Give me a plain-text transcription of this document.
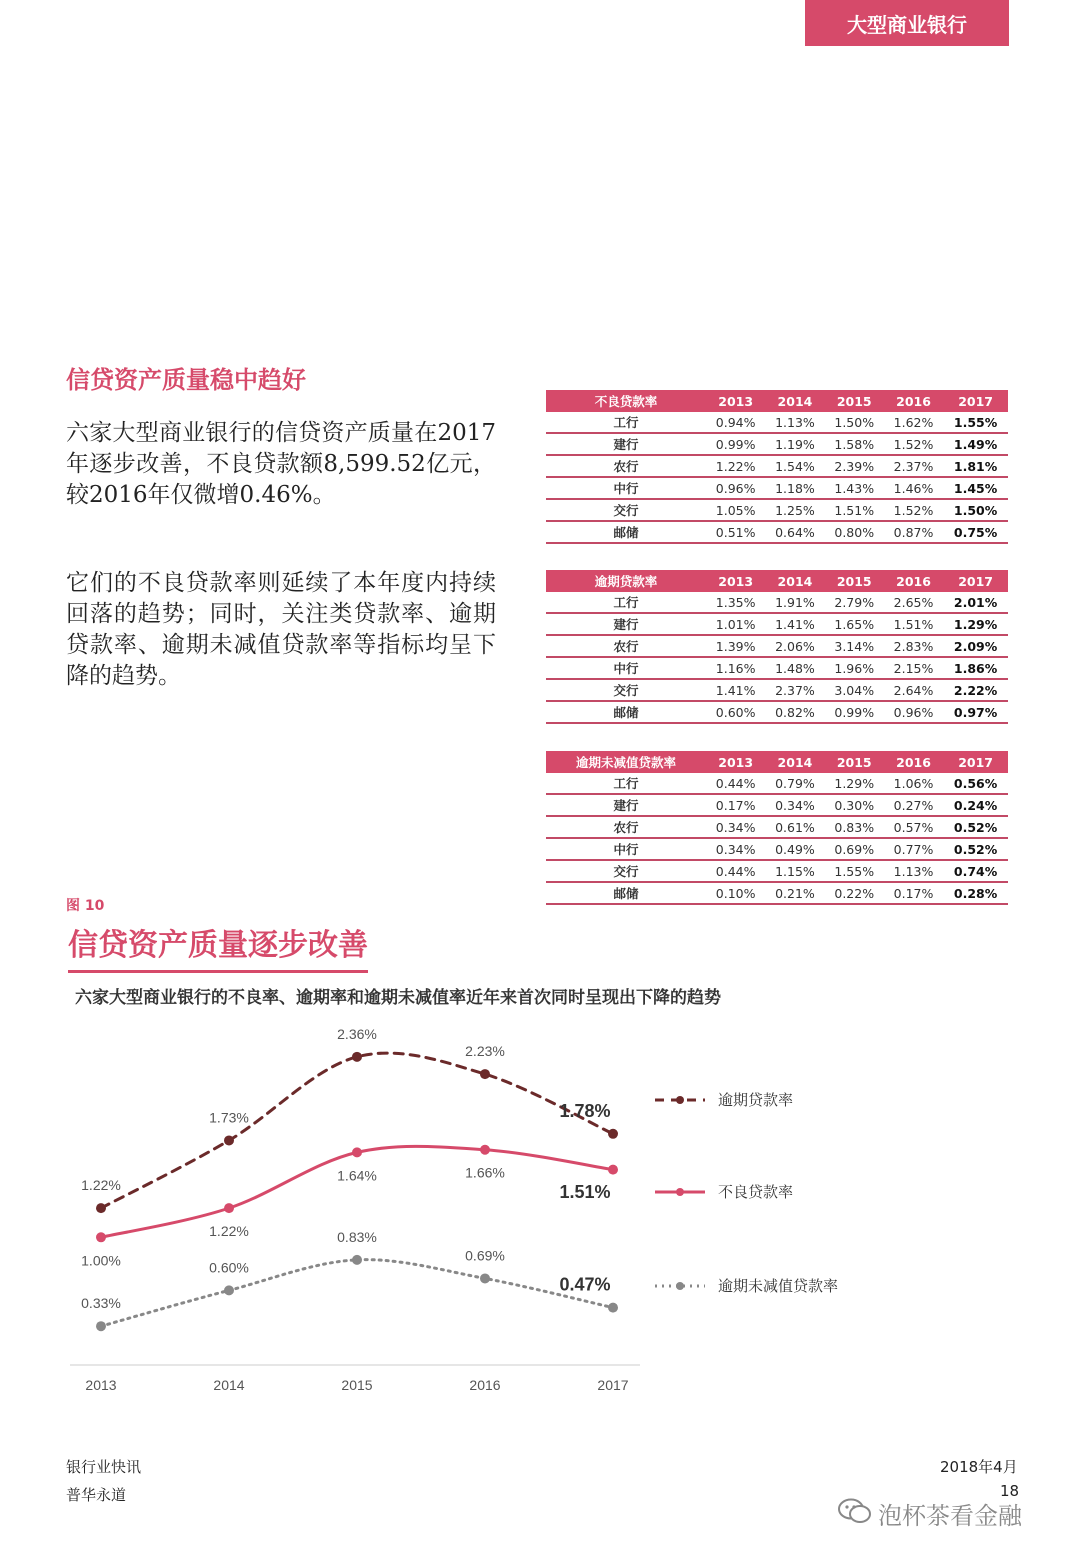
大型商业银行
信贷资产质量稳中趋好

六家大型商业银行的信贷资产质量在2017年逐步改善，不良贷款额8,599.52亿元，较2016年仅微增0.46%。

它们的不良贷款率则延续了本年度内持续回落的趋势；同时，关注类贷款率、逾期贷款率、逾期未减值贷款率等指标均呈下降的趋势。

不良贷款率	2013	2014	2015	2016	2017
工行	0.94%	1.13%	1.50%	1.62%	1.55%
建行	0.99%	1.19%	1.58%	1.52%	1.49%
农行	1.22%	1.54%	2.39%	2.37%	1.81%
中行	0.96%	1.18%	1.43%	1.46%	1.45%
交行	1.05%	1.25%	1.51%	1.52%	1.50%
邮储	0.51%	0.64%	0.80%	0.87%	0.75%
逾期贷款率	2013	2014	2015	2016	2017
工行	1.35%	1.91%	2.79%	2.65%	2.01%
建行	1.01%	1.41%	1.65%	1.51%	1.29%
农行	1.39%	2.06%	3.14%	2.83%	2.09%
中行	1.16%	1.48%	1.96%	2.15%	1.86%
交行	1.41%	2.37%	3.04%	2.64%	2.22%
邮储	0.60%	0.82%	0.99%	0.96%	0.97%
逾期未减值贷款率	2013	2014	2015	2016	2017
工行	0.44%	0.79%	1.29%	1.06%	0.56%
建行	0.17%	0.34%	0.30%	0.27%	0.24%
农行	0.34%	0.61%	0.83%	0.57%	0.52%
中行	0.34%	0.49%	0.69%	0.77%	0.52%
交行	0.44%	1.15%	1.55%	1.13%	0.74%
邮储	0.10%	0.21%	0.22%	0.17%	0.28%
图 10
信贷资产质量逐步改善
六家大型商业银行的不良率、逾期率和逾期未减值率近年来首次同时呈现出下降的趋势
2013	2014	2015	2016	2017
1.22%
1.73%
2.36%
2.23%
1.78%
逾期贷款率
1.00%
1.22%
1.64%	1.66%
1.51%	不良贷款率
0.33%
0.60%
0.83%
0.69%
0.47%	逾期未减值贷款率
银行业快讯
普华永道
2018年4月
18
泡杯茶看金融
